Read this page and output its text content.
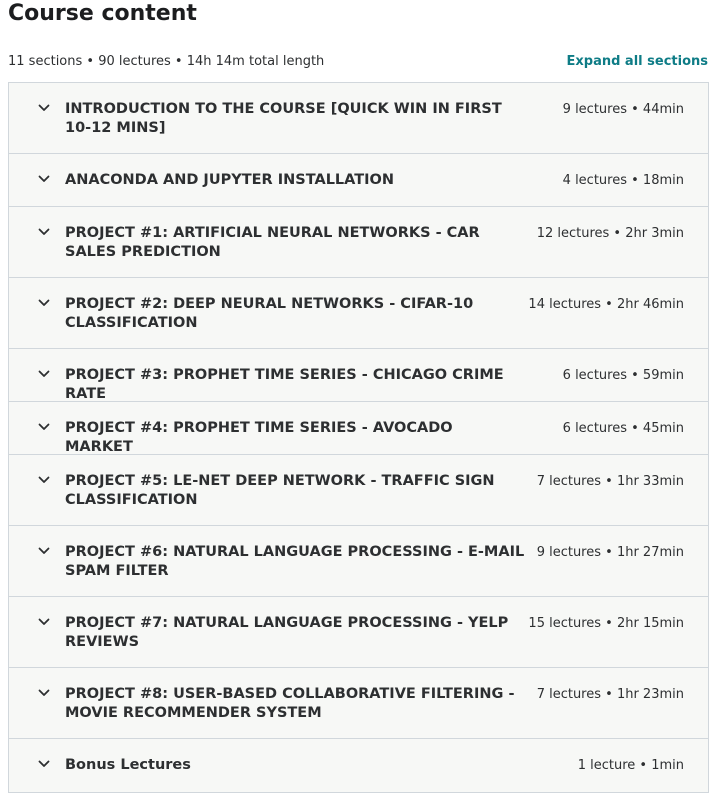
Course content
11 sections • 90 lectures • 14h 14m total length	Expand all sections
INTRODUCTION TO THE COURSE [QUICK WIN IN FIRST 10-12 MINS]
9 lectures • 44min
ANACONDA AND JUPYTER INSTALLATION	4 lectures • 18min
PROJECT #1: ARTIFICIAL NEURAL NETWORKS - CAR SALES PREDICTION
12 lectures • 2hr 3min
PROJECT #2: DEEP NEURAL NETWORKS - CIFAR-10 CLASSIFICATION
14 lectures • 2hr 46min
PROJECT #3: PROPHET TIME SERIES - CHICAGO CRIME RATE
6 lectures • 59min
PROJECT #4: PROPHET TIME SERIES - AVOCADO MARKET
6 lectures • 45min
PROJECT #5: LE-NET DEEP NETWORK - TRAFFIC SIGN CLASSIFICATION
7 lectures • 1hr 33min
PROJECT #6: NATURAL LANGUAGE PROCESSING - E-MAIL SPAM FILTER
9 lectures • 1hr 27min
PROJECT #7: NATURAL LANGUAGE PROCESSING - YELP REVIEWS
15 lectures • 2hr 15min
PROJECT #8: USER-BASED COLLABORATIVE FILTERING - MOVIE RECOMMENDER SYSTEM
7 lectures • 1hr 23min
Bonus Lectures	1 lecture • 1min
